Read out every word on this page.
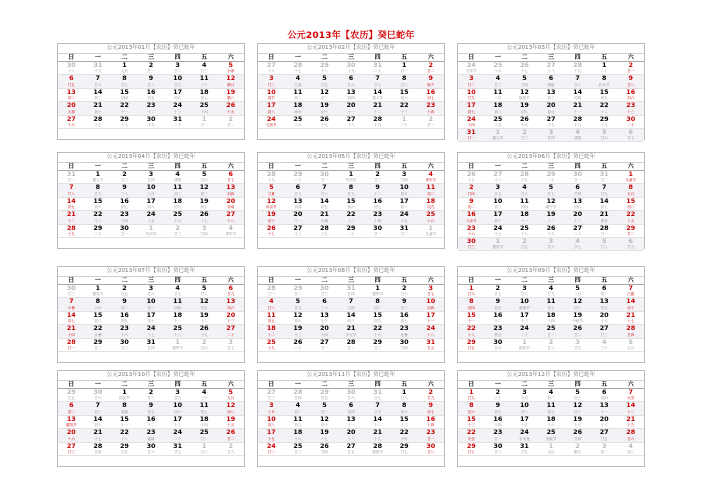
公元2013年【农历】癸巳蛇年
公元2013年01月【农历】癸巳蛇年
日	一	二	三	四	五	六
30	31	1	2	3	4	5
十八	十九	元旦	廿一	廿二	廿三	小寒
6	7	8	9	10	11	12
廿五	廿六	廿七	廿八	廿九	三十	腊月
13	14	15	16	17	18	19
初二	初三	初四	初五	初六	初七	腊八
20	21	22	23	24	25	26
大寒	初十	十一	十二	十三	十四	十五
27	28	29	30	31	1	2
十六	十七	十八	十九	二十	廿一	廿二
公元2013年02月【农历】癸巳蛇年
日	一	二	三	四	五	六
27	28	29	30	31	1	2
十六	十七	十八	十九	二十	廿一	廿二
3	4	5	6	7	8	9
廿三	立春	廿五	廿六	廿七	廿八	除夕
10	11	12	13	14	15	16
春节	初二	初三	初四	情人节	初六	初七
17	18	19	20	21	22	23
初八	雨水	初十	十一	十二	十三	十四
24	25	26	27	28	1	2
元宵节	十六	十七	十八	十九	二十	廿一
公元2013年03月【农历】癸巳蛇年
日	一	二	三	四	五	六
24	25	26	27	28	1	2
元宵节	十六	十七	十八	十九	二十	廿一
3	4	5	6	7	8	9
廿二	廿三	廿四	惊蛰	廿六	妇女节	廿八
10	11	12	13	14	15	16
廿九	二月	植树节	初三	初四	初五	初六
17	18	19	20	21	22	23
初七	初八	初九	春分	十一	十二	十三
24	25	26	27	28	29	30
十四	十五	十六	十七	十八	十九	二十
31	1	2	3	4	5	6
廿一	愚人节	廿三	廿四	清明	廿六	廿七
公元2013年04月【农历】癸巳蛇年
日	一	二	三	四	五	六
31	1	2	3	4	5	6
廿一	愚人节	廿三	廿四	清明	廿六	廿七
7	8	9	10	11	12	13
廿八	廿九	三十	三月	初二	初三	初四
14	15	16	17	18	19	20
初五	初六	初七	初八	初九	初十	谷雨
21	22	23	24	25	26	27
十二	十三	十四	十五	十六	十七	十八
28	29	30	1	2	3	4
十九	二十	廿一	劳动节	廿三	廿四	青年节
公元2013年05月【农历】癸巳蛇年
日	一	二	三	四	五	六
28	29	30	1	2	3	4
十九	二十	廿一	劳动节	廿三	廿四	青年节
5	6	7	8	9	10	11
立夏	廿七	廿八	廿九	十二	四月	初二
12	13	14	15	16	17	18
母亲节	初四	初五	初六	初七	初八	初九
19	20	21	22	23	24	25
初十	十一	小满	十三	十四	十五	十六
26	27	28	29	30	31	1
十七	十八	十九	二十	廿一	廿二	儿童节
公元2013年06月【农历】癸巳蛇年
日	一	二	三	四	五	六
26	27	28	29	30	31	1
十七	十八	十九	二十	廿一	廿二	儿童节
2	3	4	5	6	7	8
廿四	廿五	廿六	廿七	芒种	廿九	五月
9	10	11	12	13	14	15
初二	初三	初四	端午节	初六	初七	初八
16	17	18	19	20	21	22
父亲节	初十	十一	十二	十三	夏至	十五
23	24	25	26	27	28	29
十六	十七	十八	十九	二十	廿一	廿二
30	1	2	3	4	5	6
廿三	建党节	廿五	廿六	廿七	廿八	廿九
公元2013年07月【农历】癸巳蛇年
日	一	二	三	四	五	六
30	1	2	3	4	5	6
廿三	建党节	廿五	廿六	廿七	廿八	廿九
7	8	9	10	11	12	13
小暑	六月	初二	初三	初四	初五	初六
14	15	16	17	18	19	20
初七	初八	初九	初十	十一	十二	十三
21	22	23	24	25	26	27
十四	大暑	十六	十七	十八	十九	二十
28	29	30	31	1	2	3
廿一	廿二	廿三	廿四	建军节	廿六	廿七
公元2013年08月【农历】癸巳蛇年
日	一	二	三	四	五	六
28	29	30	31	1	2	3
廿一	廿二	廿三	廿四	建军节	廿六	廿七
4	5	6	7	8	9	10
廿八	廿九	三十	立秋	初二	初三	初四
11	12	13	14	15	16	17
初五	初六	七夕	初八	初九	初十	十一
18	19	20	21	22	23	24
十二	十三	十四	中元节	十六	处暑	十八
25	26	27	28	29	30	31
十九	二十	廿一	廿二	廿三	廿四	廿五
公元2013年09月【农历】癸巳蛇年
日	一	二	三	四	五	六
1	2	3	4	5	6	7
廿六	廿七	廿八	廿九	八月	初二	白露
8	9	10	11	12	13	14
初四	初五	教师节	初七	初八	初九	初十
15	16	17	18	19	20	21
十一	十二	十三	十四	中秋节	十六	十七
22	23	24	25	26	27	28
十八	秋分	二十	廿一	廿二	廿三	廿四
29	30	1	2	3	4	5
廿五	廿六	国庆节	廿八	廿九	三十	九月
公元2013年10月【农历】癸巳蛇年
日	一	二	三	四	五	六
29	30	1	2	3	4	5
廿五	廿六	国庆节	廿八	廿九	三十	九月
6	7	8	9	10	11	12
初二	初三	寒露	初五	初六	初七	初八
13	14	15	16	17	18	19
重阳节	初十	十一	十二	十三	十四	十五
20	21	22	23	24	25	26
十六	十七	十八	霜降	二十	廿一	廿二
27	28	29	30	31	1	2
廿三	廿四	廿五	廿六	廿七	廿八	廿九
公元2013年11月【农历】癸巳蛇年
日	一	二	三	四	五	六
27	28	29	30	31	1	2
廿三	廿四	廿五	廿六	廿七	廿八	廿九
3	4	5	6	7	8	9
十月	初二	初三	初四	立冬	初六	初七
10	11	12	13	14	15	16
初八	初九	初十	十一	十二	十三	十四
17	18	19	20	21	22	23
十五	十六	十七	十八	十九	小雪	廿一
24	25	26	27	28	29	30
廿二	廿三	廿四	廿五	感恩节	廿七	廿八
公元2013年12月【农历】癸巳蛇年
日	一	二	三	四	五	六
1	2	3	4	5	6	7
廿九	三十	冬月	初二	初三	初四	大雪
8	9	10	11	12	13	14
初六	初七	初八	初九	初十	十一	十二
15	16	17	18	19	20	21
十三	十四	十五	十六	十七	十八	十九
22	23	24	25	26	27	28
冬至	廿一	平安夜	圣诞节	廿四	廿五	廿六
29	30	31	1	2	3	4
廿七	廿八	廿九	元旦	腊月	初二	初三
